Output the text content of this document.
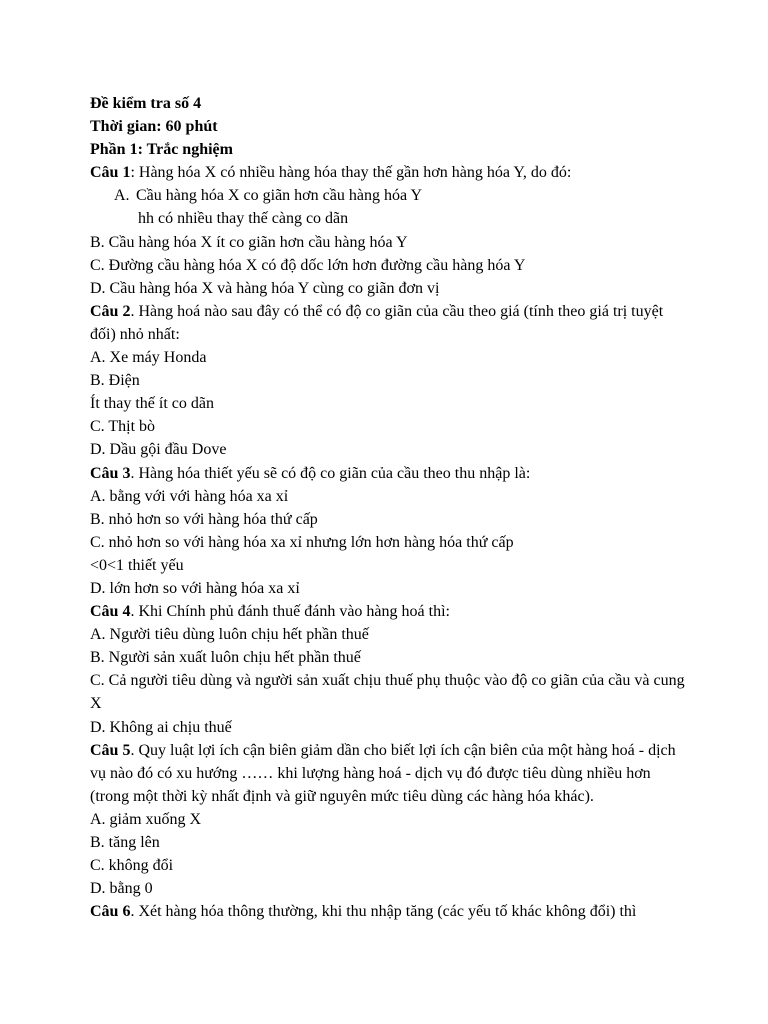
Đề kiểm tra số 4
Thời gian: 60 phút
Phần 1: Trắc nghiệm
Câu 1: Hàng hóa X có nhiều hàng hóa thay thế gần hơn hàng hóa Y, do đó:
A. Cầu hàng hóa X co giãn hơn cầu hàng hóa Y
hh có nhiều thay thế càng co dãn
B. Cầu hàng hóa X ít co giãn hơn cầu hàng hóa Y
C. Đường cầu hàng hóa X có độ dốc lớn hơn đường cầu hàng hóa Y
D. Cầu hàng hóa X và hàng hóa Y cùng co giãn đơn vị
Câu 2. Hàng hoá nào sau đây có thể có độ co giãn của cầu theo giá (tính theo giá trị tuyệt đối) nhỏ nhất:
A. Xe máy Honda
B. Điện
Ít thay thế ít co dãn
C. Thịt bò
D. Dầu gội đầu Dove
Câu 3. Hàng hóa thiết yếu sẽ có độ co giãn của cầu theo thu nhập là:
A. bằng với với hàng hóa xa xỉ
B. nhỏ hơn so với hàng hóa thứ cấp
C. nhỏ hơn so với hàng hóa xa xỉ nhưng lớn hơn hàng hóa thứ cấp
<0<1 thiết yếu
D. lớn hơn so với hàng hóa xa xỉ
Câu 4. Khi Chính phủ đánh thuế đánh vào hàng hoá thì:
A. Người tiêu dùng luôn chịu hết phần thuế
B. Người sản xuất luôn chịu hết phần thuế
C. Cả người tiêu dùng và người sản xuất chịu thuế phụ thuộc vào độ co giãn của cầu và cung X
D. Không ai chịu thuế
Câu 5. Quy luật lợi ích cận biên giảm dần cho biết lợi ích cận biên của một hàng hoá - dịch vụ nào đó có xu hướng …… khi lượng hàng hoá - dịch vụ đó được tiêu dùng nhiều hơn (trong một thời kỳ nhất định và giữ nguyên mức tiêu dùng các hàng hóa khác).
A. giảm xuống X
B. tăng lên
C. không đổi
D. bằng 0
Câu 6. Xét hàng hóa thông thường, khi thu nhập tăng (các yếu tố khác không đổi) thì
